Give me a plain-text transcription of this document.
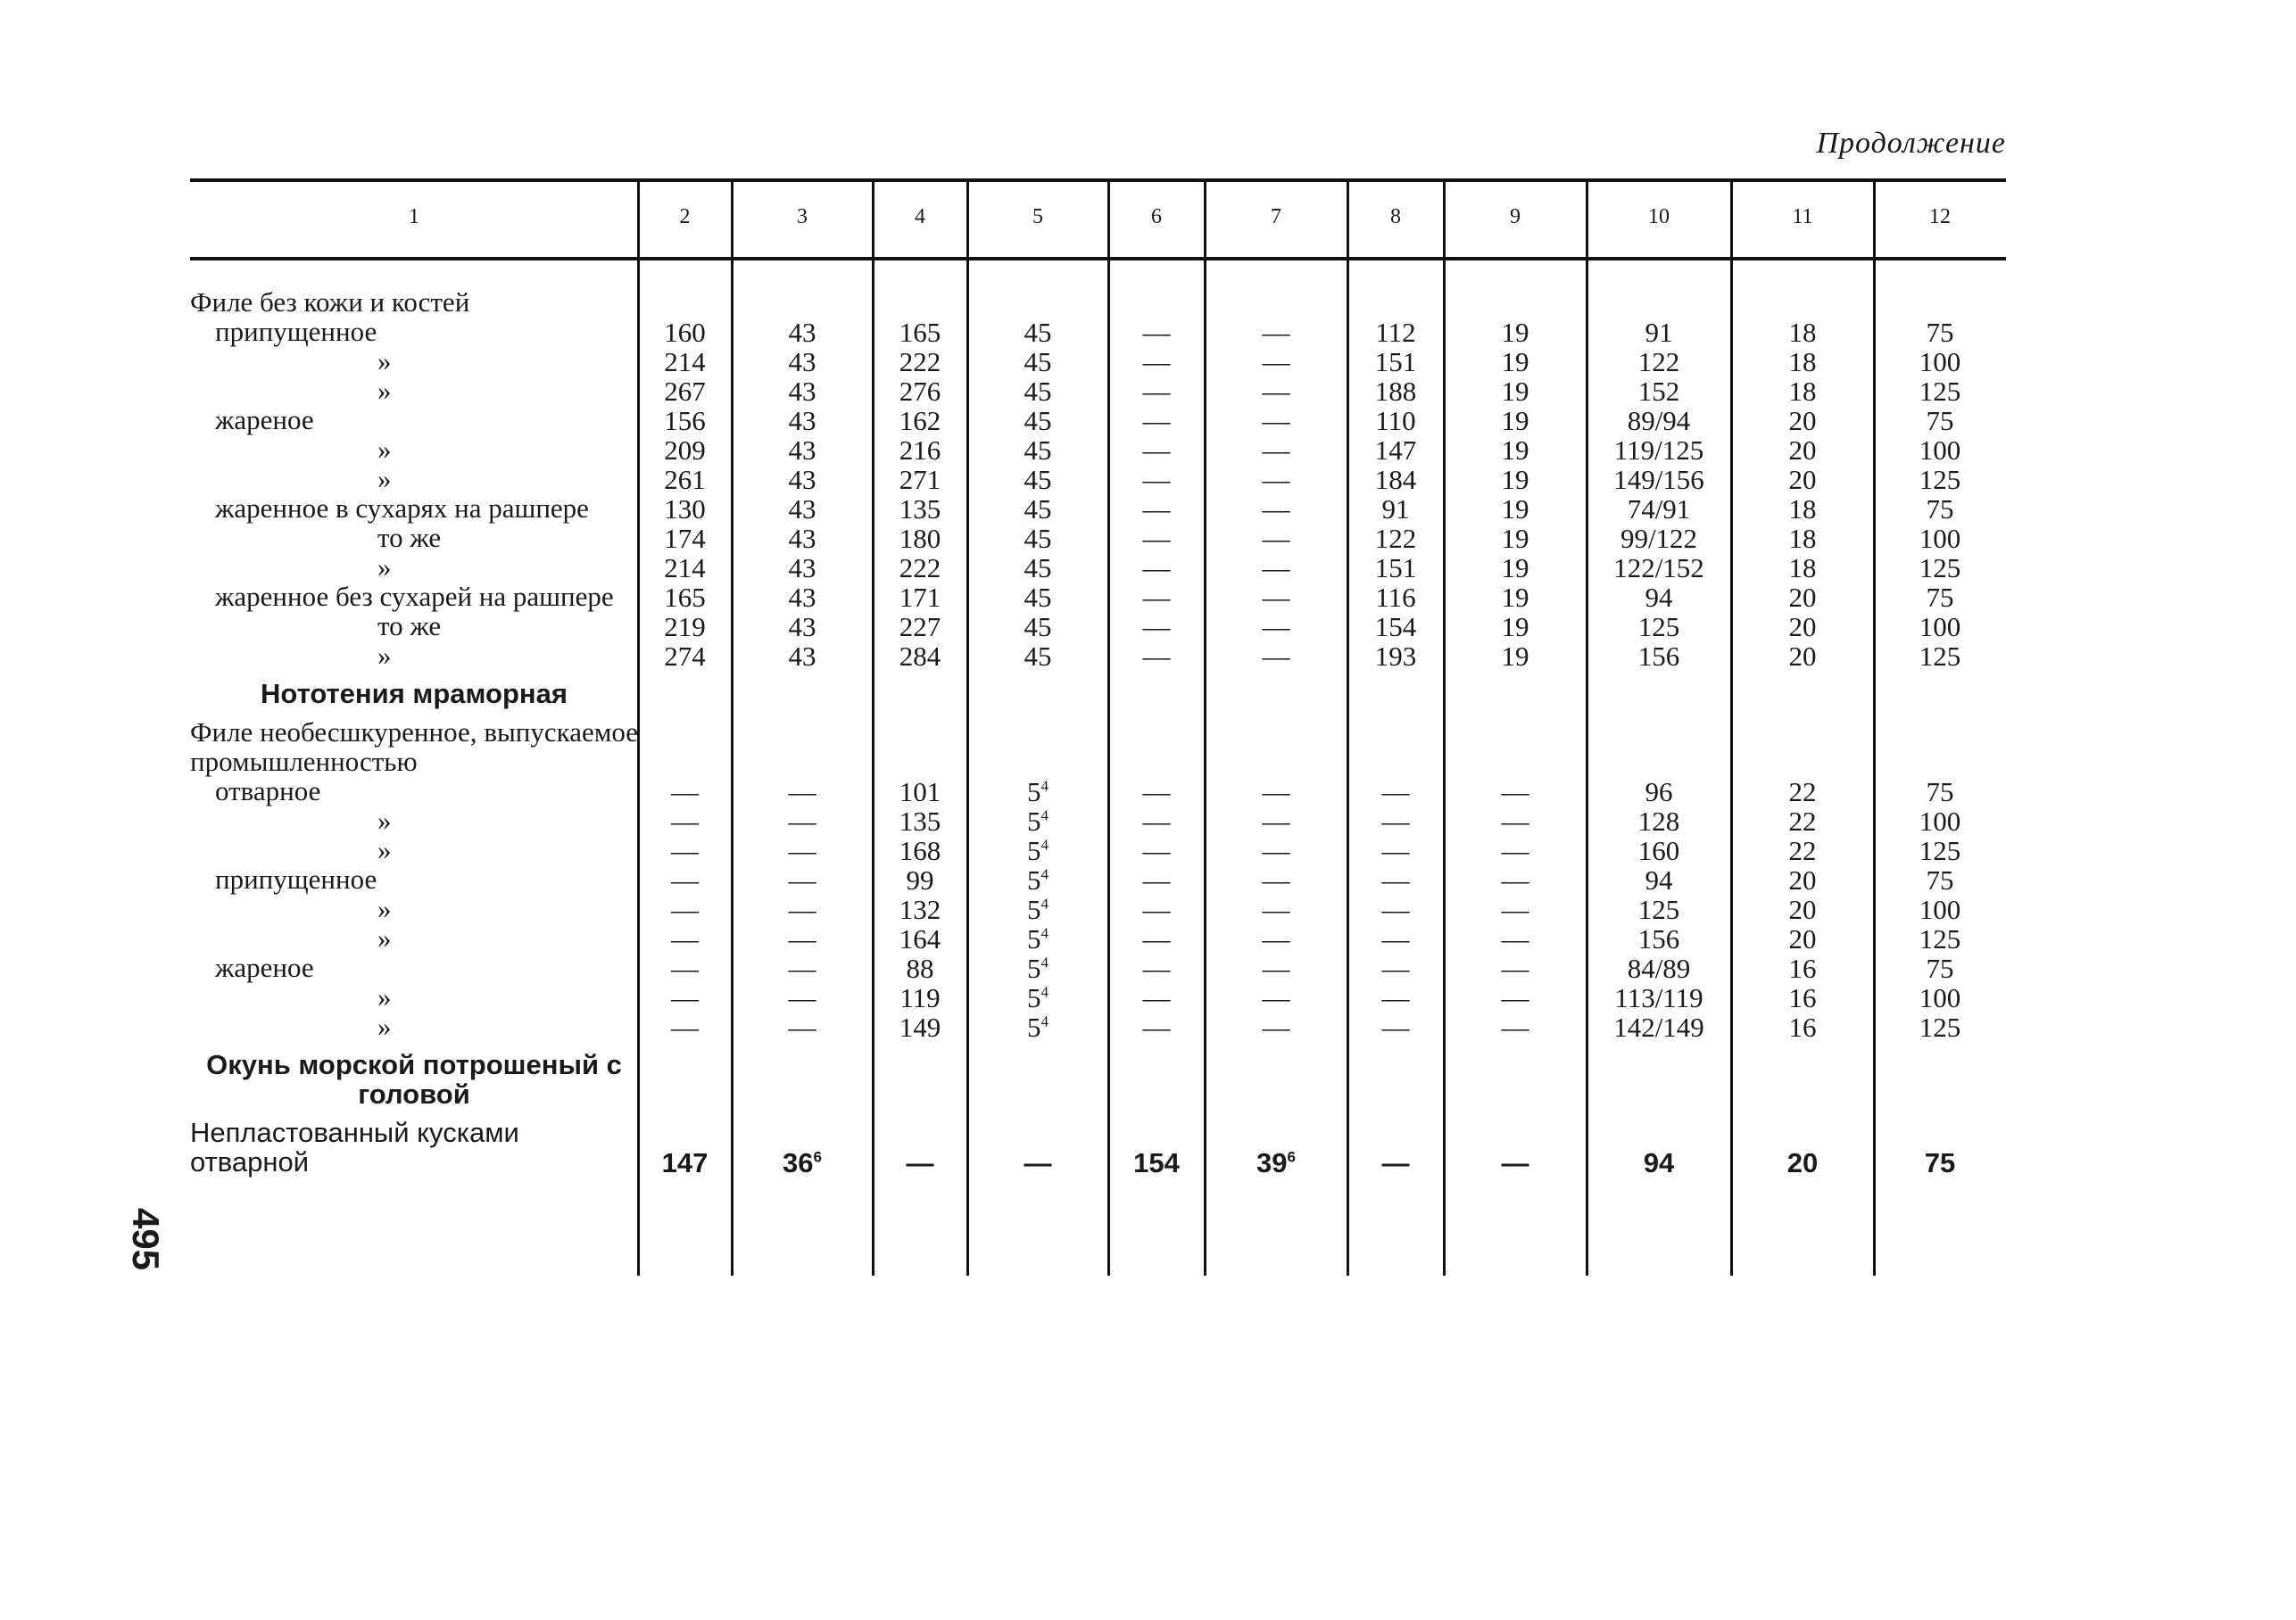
Продолжение
1	2	3	4	5	6	7	8	9	10	11	12
Филе без кожи и костей											
припущенное	160	43	165	45	—	—	112	19	91	18	75
»	214	43	222	45	—	—	151	19	122	18	100
»	267	43	276	45	—	—	188	19	152	18	125
жареное	156	43	162	45	—	—	110	19	89/94	20	75
»	209	43	216	45	—	—	147	19	119/125	20	100
»	261	43	271	45	—	—	184	19	149/156	20	125
жаренное в сухарях на рашпере	130	43	135	45	—	—	91	19	74/91	18	75
то же	174	43	180	45	—	—	122	19	99/122	18	100
»	214	43	222	45	—	—	151	19	122/152	18	125
жаренное без сухарей на рашпере	165	43	171	45	—	—	116	19	94	20	75
то же	219	43	227	45	—	—	154	19	125	20	100
»	274	43	284	45	—	—	193	19	156	20	125
Нототения мраморная											
Филе необесшкуренное, выпускаемое промышленностью											
отварное	—	—	101	$5^4$	—	—	—	—	96	22	75
»	—	—	135	$5^4$	—	—	—	—	128	22	100
»	—	—	168	$5^4$	—	—	—	—	160	22	125
припущенное	—	—	99	$5^4$	—	—	—	—	94	20	75
»	—	—	132	$5^4$	—	—	—	—	125	20	100
»	—	—	164	$5^4$	—	—	—	—	156	20	125
жареное	—	—	88	$5^4$	—	—	—	—	84/89	16	75
»	—	—	119	$5^4$	—	—	—	—	113/119	16	100
»	—	—	149	$5^4$	—	—	—	—	142/149	16	125
Окунь морской потрошеный с головой											
Непластованный кусками отварной	147	$36^6$	—	—	154	$39^6$	—	—	94	20	75
495
